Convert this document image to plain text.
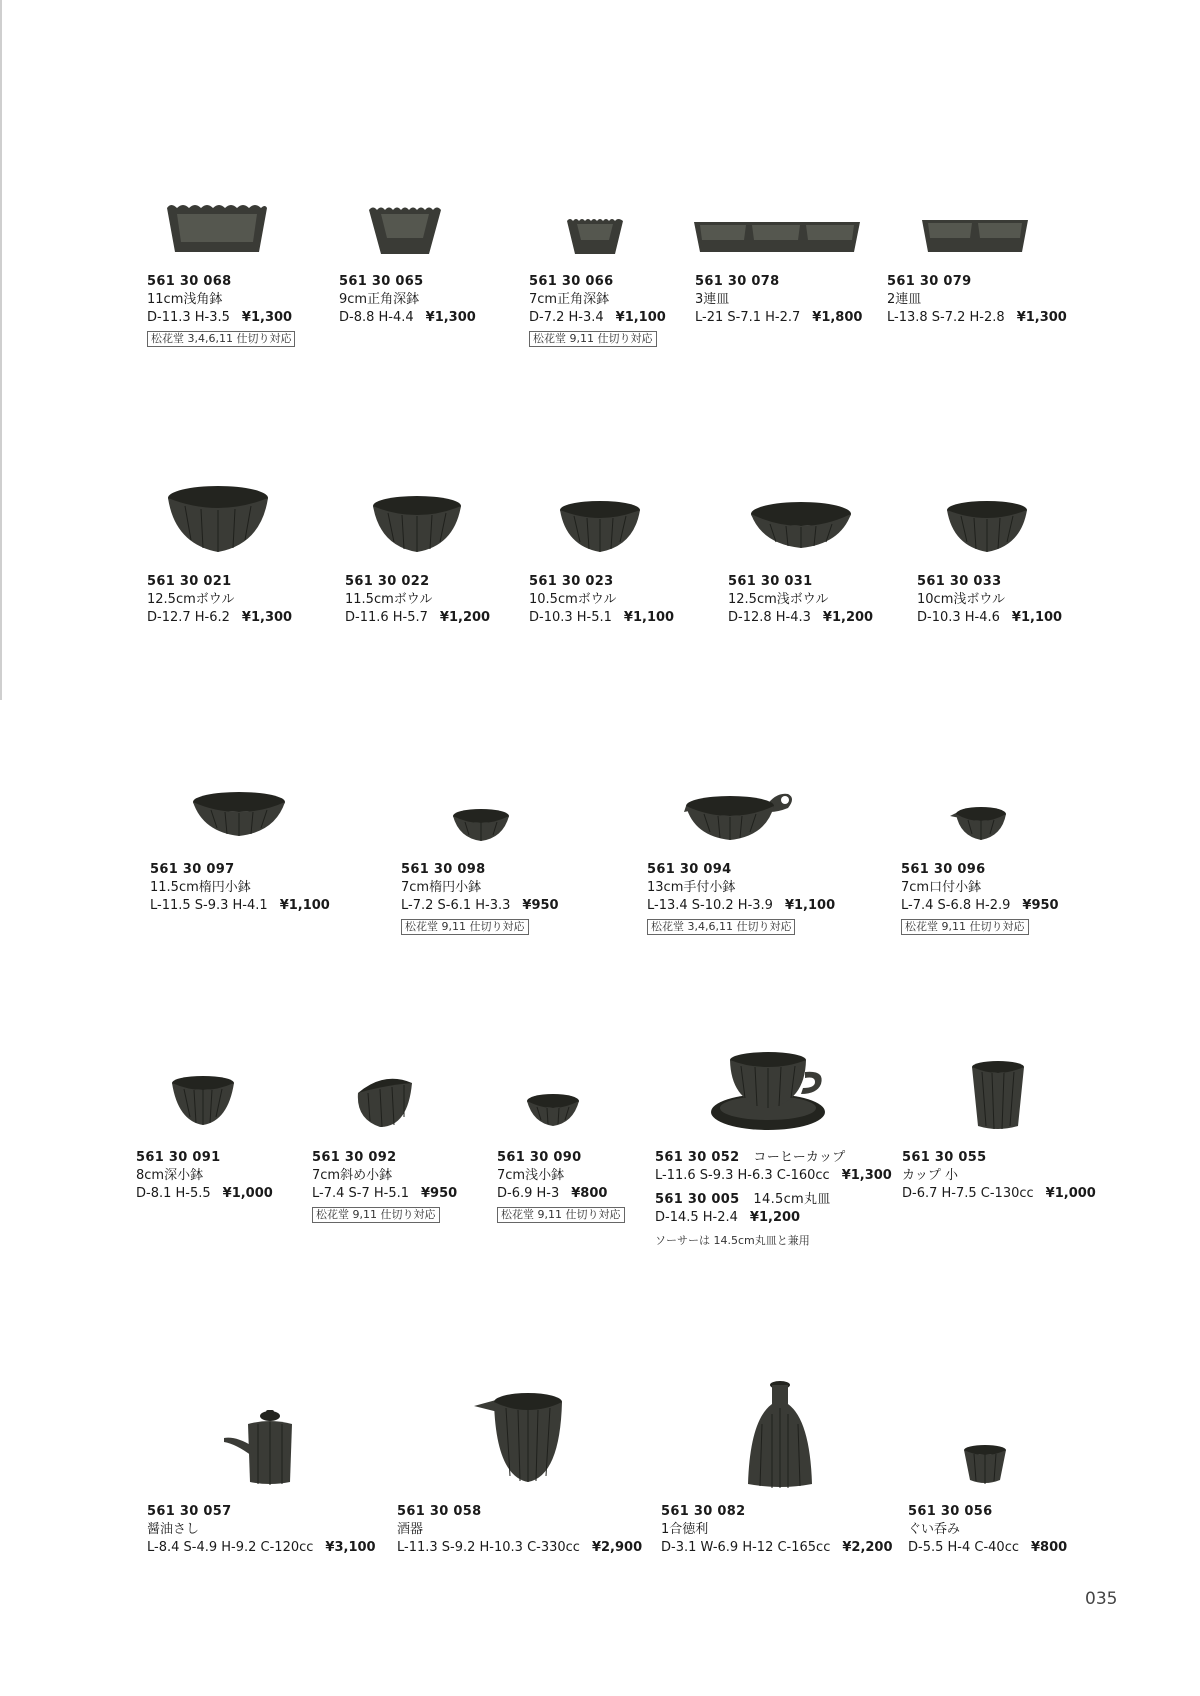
561 30 068
11cm浅角鉢
D-11.3 H-3.5 ¥1,300
松花堂 3,4,6,11 仕切り対応
561 30 065
9cm正角深鉢
D-8.8 H-4.4 ¥1,300
561 30 066
7cm正角深鉢
D-7.2 H-3.4 ¥1,100
松花堂 9,11 仕切り対応
561 30 078
3連皿
L-21 S-7.1 H-2.7 ¥1,800
561 30 079
2連皿
L-13.8 S-7.2 H-2.8 ¥1,300
561 30 021
12.5cmボウル
D-12.7 H-6.2 ¥1,300
561 30 022
11.5cmボウル
D-11.6 H-5.7 ¥1,200
561 30 023
10.5cmボウル
D-10.3 H-5.1 ¥1,100
561 30 031
12.5cm浅ボウル
D-12.8 H-4.3 ¥1,200
561 30 033
10cm浅ボウル
D-10.3 H-4.6 ¥1,100
561 30 097
11.5cm楕円小鉢
L-11.5 S-9.3 H-4.1 ¥1,100
561 30 098
7cm楕円小鉢
L-7.2 S-6.1 H-3.3 ¥950
松花堂 9,11 仕切り対応
561 30 094
13cm手付小鉢
L-13.4 S-10.2 H-3.9 ¥1,100
松花堂 3,4,6,11 仕切り対応
561 30 096
7cm口付小鉢
L-7.4 S-6.8 H-2.9 ¥950
松花堂 9,11 仕切り対応
561 30 091
8cm深小鉢
D-8.1 H-5.5 ¥1,000
561 30 092
7cm斜め小鉢
L-7.4 S-7 H-5.1 ¥950
松花堂 9,11 仕切り対応
561 30 090
7cm浅小鉢
D-6.9 H-3 ¥800
松花堂 9,11 仕切り対応
561 30 052 コーヒーカップ
L-11.6 S-9.3 H-6.3 C-160cc ¥1,300
561 30 005 14.5cm丸皿
D-14.5 H-2.4 ¥1,200
ソーサーは 14.5cm丸皿と兼用
561 30 055
カップ 小
D-6.7 H-7.5 C-130cc ¥1,000
561 30 057
醤油さし
L-8.4 S-4.9 H-9.2 C-120cc ¥3,100
561 30 058
酒器
L-11.3 S-9.2 H-10.3 C-330cc ¥2,900
561 30 082
1合徳利
D-3.1 W-6.9 H-12 C-165cc ¥2,200
561 30 056
ぐい呑み
D-5.5 H-4 C-40cc ¥800
035
